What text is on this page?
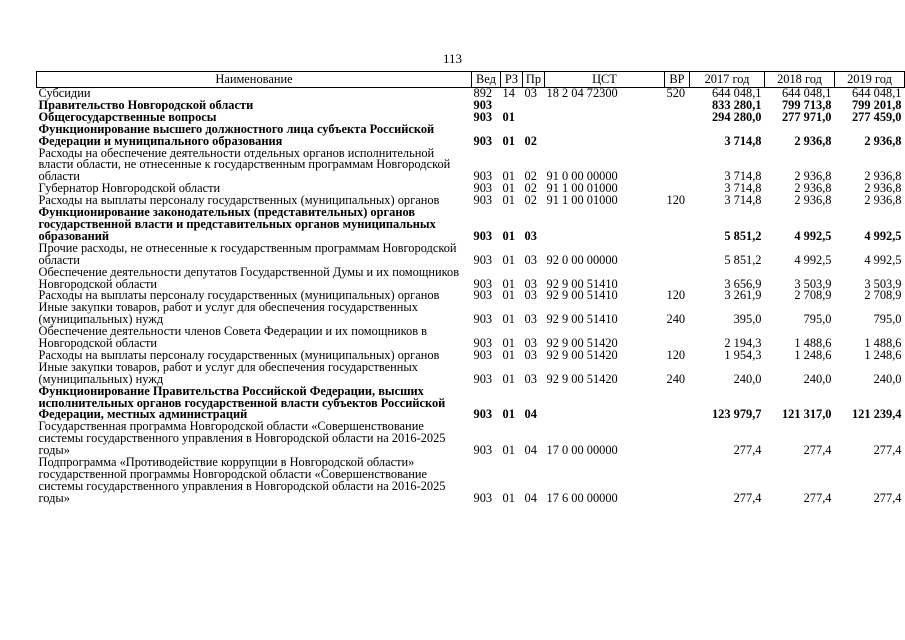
113
Наименование	Вед	РЗ	Пр	ЦСТ	ВР	2017 год	2018 год	2019 год
Субсидии	892	14	03	18 2 04 72300	520	644 048,1	644 048,1	644 048,1
Правительство Новгородской области	903					833 280,1	799 713,8	799 201,8
Общегосударственные вопросы	903	01				294 280,0	277 971,0	277 459,0
Функционирование высшего должностного лица субъекта Российской Федерации и муниципального образования	903	01	02			3 714,8	2 936,8	2 936,8
Расходы на обеспечение деятельности отдельных органов исполнительной власти области, не отнесенные к государственным программам Новгородской области	903	01	02	91 0 00 00000		3 714,8	2 936,8	2 936,8
Губернатор Новгородской области	903	01	02	91 1 00 01000		3 714,8	2 936,8	2 936,8
Расходы на выплаты персоналу государственных (муниципальных) органов	903	01	02	91 1 00 01000	120	3 714,8	2 936,8	2 936,8
Функционирование законодательных (представительных) органов государственной власти и представительных органов муниципальных образований	903	01	03			5 851,2	4 992,5	4 992,5
Прочие расходы, не отнесенные к государственным программам Новгородской области	903	01	03	92 0 00 00000		5 851,2	4 992,5	4 992,5
Обеспечение деятельности депутатов Государственной Думы и их помощников Новгородской области	903	01	03	92 9 00 51410		3 656,9	3 503,9	3 503,9
Расходы на выплаты персоналу государственных (муниципальных) органов	903	01	03	92 9 00 51410	120	3 261,9	2 708,9	2 708,9
Иные закупки товаров, работ и услуг для обеспечения государственных (муниципальных) нужд	903	01	03	92 9 00 51410	240	395,0	795,0	795,0
Обеспечение деятельности членов Совета Федерации и их помощников в Новгородской области	903	01	03	92 9 00 51420		2 194,3	1 488,6	1 488,6
Расходы на выплаты персоналу государственных (муниципальных) органов	903	01	03	92 9 00 51420	120	1 954,3	1 248,6	1 248,6
Иные закупки товаров, работ и услуг для обеспечения государственных (муниципальных) нужд	903	01	03	92 9 00 51420	240	240,0	240,0	240,0
Функционирование Правительства Российской Федерации, высших исполнительных органов государственной власти субъектов Российской Федерации, местных администраций	903	01	04			123 979,7	121 317,0	121 239,4
Государственная программа Новгородской области «Совершенствование системы государственного управления в Новгородской области на 2016-2025 годы»	903	01	04	17 0 00 00000		277,4	277,4	277,4
Подпрограмма «Противодействие коррупции в Новгородской области» государственной программы Новгородской области «Совершенствование системы государственного управления в Новгородской области на 2016-2025 годы»	903	01	04	17 6 00 00000		277,4	277,4	277,4
